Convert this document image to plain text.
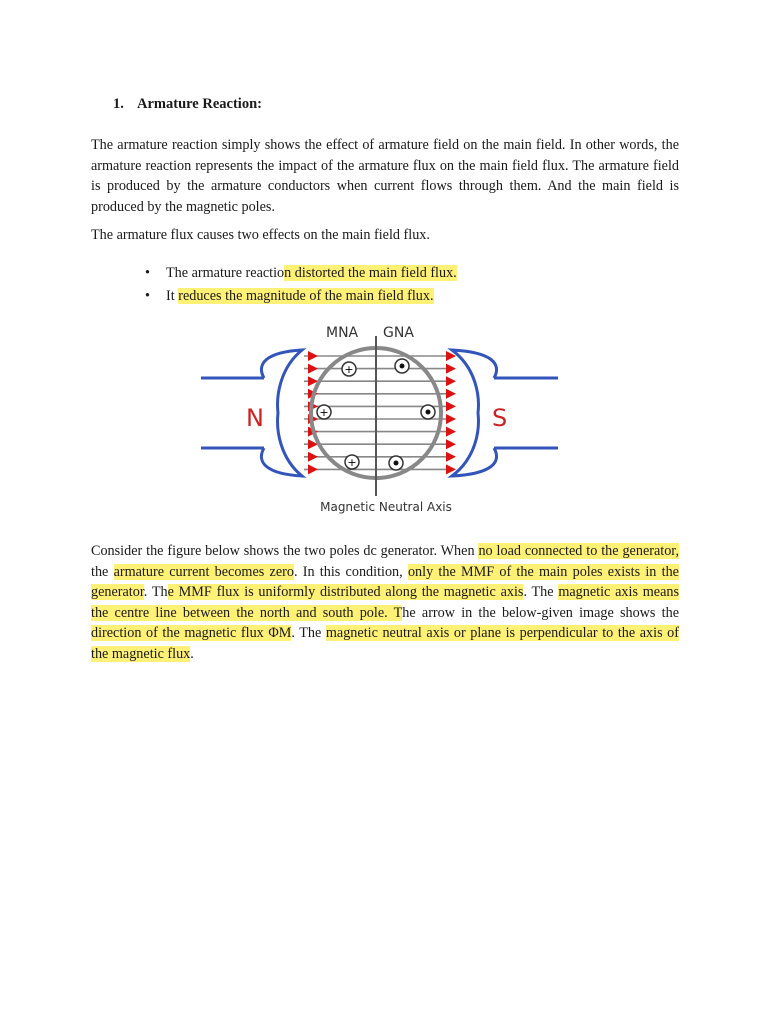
1. Armature Reaction:

The armature reaction simply shows the effect of armature field on the main field. In other words, the armature reaction represents the impact of the armature flux on the main field flux. The armature field is produced by the armature conductors when current flows through them. And the main field is produced by the magnetic poles.

The armature flux causes two effects on the main field flux.

• The armature reaction distorted the main field flux.
• It reduces the magnitude of the main field flux.
+
+
+
MNA GNA
N	S
Magnetic Neutral Axis

Consider the figure below shows the two poles dc generator. When no load connected to the generator, the armature current becomes zero. In this condition, only the MMF of the main poles exists in the generator. The MMF flux is uniformly distributed along the magnetic axis. The magnetic axis means the centre line between the north and south pole. The arrow in the below-given image shows the direction of the magnetic flux ΦM. The magnetic neutral axis or plane is perpendicular to the axis of the magnetic flux.
